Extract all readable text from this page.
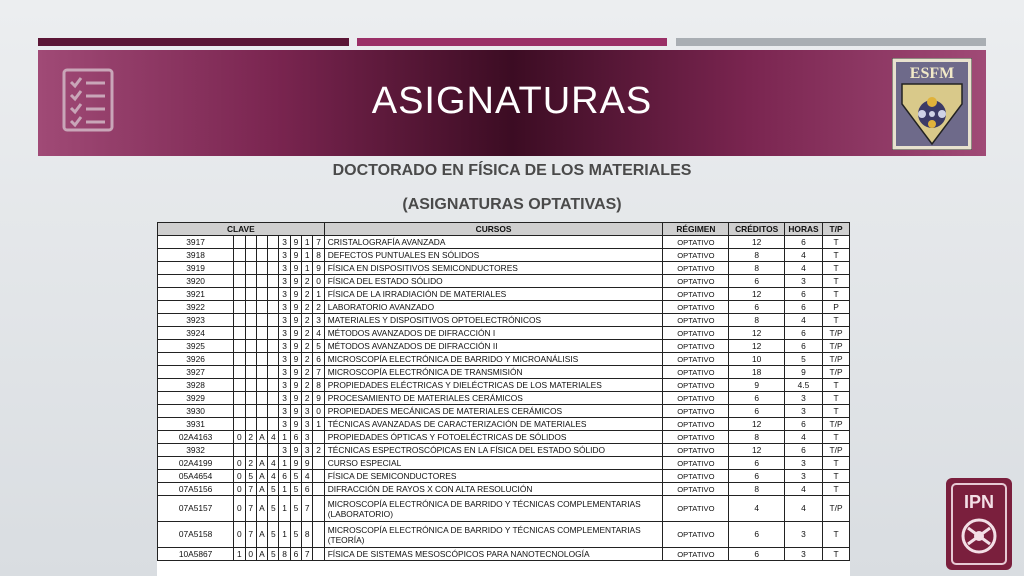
ASIGNATURAS
ESFM
DOCTORADO EN FÍSICA DE LOS MATERIALES
(ASIGNATURAS OPTATIVAS)
CLAVE									CURSOS	RÉGIMEN	CRÉDITOS	HORAS	T/P
3917					3	9	1	7	CRISTALOGRAFÍA AVANZADA	OPTATIVO	12	6	T
3918					3	9	1	8	DEFECTOS PUNTUALES EN SÓLIDOS	OPTATIVO	8	4	T
3919					3	9	1	9	FÍSICA EN DISPOSITIVOS SEMICONDUCTORES	OPTATIVO	8	4	T
3920					3	9	2	0	FÍSICA DEL ESTADO SÓLIDO	OPTATIVO	6	3	T
3921					3	9	2	1	FÍSICA DE LA IRRADIACIÓN DE MATERIALES	OPTATIVO	12	6	T
3922					3	9	2	2	LABORATORIO AVANZADO	OPTATIVO	6	6	P
3923					3	9	2	3	MATERIALES Y DISPOSITIVOS OPTOELECTRÓNICOS	OPTATIVO	8	4	T
3924					3	9	2	4	MÉTODOS AVANZADOS DE DIFRACCIÓN I	OPTATIVO	12	6	T/P
3925					3	9	2	5	MÉTODOS AVANZADOS DE DIFRACCIÓN II	OPTATIVO	12	6	T/P
3926					3	9	2	6	MICROSCOPÍA ELECTRÓNICA DE BARRIDO Y MICROANÁLISIS	OPTATIVO	10	5	T/P
3927					3	9	2	7	MICROSCOPÍA ELECTRÓNICA DE TRANSMISIÓN	OPTATIVO	18	9	T/P
3928					3	9	2	8	PROPIEDADES ELÉCTRICAS Y DIELÉCTRICAS DE LOS MATERIALES	OPTATIVO	9	4.5	T
3929					3	9	2	9	PROCESAMIENTO DE MATERIALES CERÁMICOS	OPTATIVO	6	3	T
3930					3	9	3	0	PROPIEDADES MECÁNICAS DE MATERIALES CERÁMICOS	OPTATIVO	6	3	T
3931					3	9	3	1	TÉCNICAS AVANZADAS DE CARACTERIZACIÓN DE MATERIALES	OPTATIVO	12	6	T/P
02A4163	0	2	A	4	1	6	3		PROPIEDADES ÓPTICAS Y FOTOELÉCTRICAS DE SÓLIDOS	OPTATIVO	8	4	T
3932					3	9	3	2	TÉCNICAS ESPECTROSCÓPICAS EN LA FÍSICA DEL ESTADO SÓLIDO	OPTATIVO	12	6	T/P
02A4199	0	2	A	4	1	9	9		CURSO ESPECIAL	OPTATIVO	6	3	T
05A4654	0	5	A	4	6	5	4		FÍSICA DE SEMICONDUCTORES	OPTATIVO	6	3	T
07A5156	0	7	A	5	1	5	6		DIFRACCIÓN DE RAYOS X CON ALTA RESOLUCIÓN	OPTATIVO	8	4	T
07A5157	0	7	A	5	1	5	7		MICROSCOPÍA ELECTRÓNICA DE BARRIDO Y TÉCNICAS COMPLEMENTARIAS (LABORATORIO)	OPTATIVO	4	4	T/P
07A5158	0	7	A	5	1	5	8		MICROSCOPÍA ELECTRÓNICA DE BARRIDO Y TÉCNICAS COMPLEMENTARIAS (TEORÍA)	OPTATIVO	6	3	T
10A5867	1	0	A	5	8	6	7		FÍSICA DE SISTEMAS MESOSCÓPICOS PARA NANOTECNOLOGÍA	OPTATIVO	6	3	T
IPN
